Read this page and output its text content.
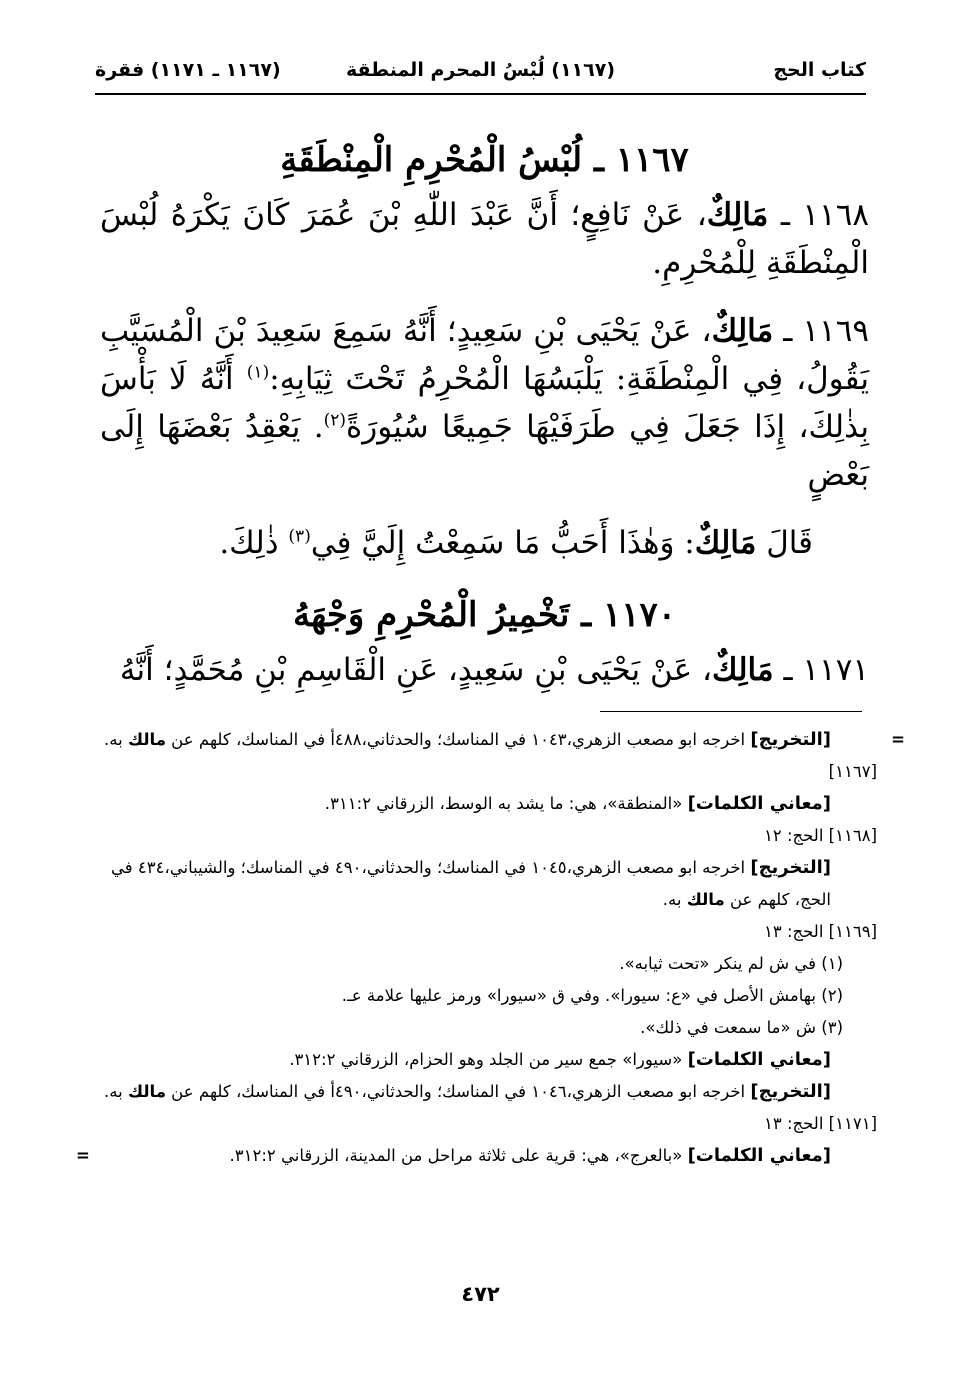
كتاب الحج
(١١٦٧) لُبْسُ المحرم المنطقة
(١١٦٧ ـ ١١٧١) فقرة
١١٦٧ ـ لُبْسُ الْمُحْرِمِ الْمِنْطَقَةِ

١١٦٨ ـ مَالِكٌ، عَنْ نَافِعٍ؛ أَنَّ عَبْدَ اللّٰهِ بْنَ عُمَرَ كَانَ يَكْرَهُ لُبْسَ الْمِنْطَقَةِ لِلْمُحْرِمِ.

١١٦٩ ـ مَالِكٌ، عَنْ يَحْيَى بْنِ سَعِيدٍ؛ أَنَّهُ سَمِعَ سَعِيدَ بْنَ الْمُسَيَّبِ يَقُولُ، فِي الْمِنْطَقَةِ: يَلْبَسُهَا الْمُحْرِمُ تَحْتَ ثِيَابِهِ:$^{(١)}$ أَنَّهُ لَا بَأْسَ بِذٰلِكَ، إِذَا جَعَلَ فِي طَرَفَيْهَا جَمِيعًا سُيُورَةً$^{(٢)}$. يَعْقِدُ بَعْضَهَا إِلَى بَعْضٍ

قَالَ مَالِكٌ: وَهٰذَا أَحَبُّ مَا سَمِعْتُ إِلَيَّ فِي$^{(٣)}$ ذٰلِكَ.

١١٧٠ ـ تَخْمِيرُ الْمُحْرِمِ وَجْهَهُ

١١٧١ ـ مَالِكٌ، عَنْ يَحْيَى بْنِ سَعِيدٍ، عَنِ الْقَاسِمِ بْنِ مُحَمَّدٍ؛ أَنَّهُ

=
[التخريج] اخرجه ابو مصعب الزهري،١٠٤٣ في المناسك؛ والحدثاني،٤٨٨أ في المناسك، كلهم عن مالك به.

[١١٦٧]

[معاني الكلمات] «المنطقة»، هي: ما يشد به الوسط، الزرقاني ٣١١:٢.

[١١٦٨] الحج: ١٢

[التخريج] اخرجه ابو مصعب الزهري،١٠٤٥ في المناسك؛ والحدثاني،٤٩٠ في المناسك؛ والشيباني،٤٣٤ في الحج، كلهم عن مالك به.

[١١٦٩] الحج: ١٣

(١) في ش لم ينكر «تحت ثيابه».

(٢) بهامش الأصل في «ع: سيورا». وفي ق «سيورا» ورمز عليها علامة عـ.

(٣) ش «ما سمعت في ذلك».

[معاني الكلمات] «سيورا» جمع سير من الجلد وهو الحزام، الزرقاني ٣١٢:٢.

[التخريج] اخرجه ابو مصعب الزهري،١٠٤٦ في المناسك؛ والحدثاني،٤٩٠أ في المناسك، كلهم عن مالك به.

[١١٧١] الحج: ١٣

[معاني الكلمات] «بالعرج»، هي: قرية على ثلاثة مراحل من المدينة، الزرقاني ٣١٢:٢.
=

٤٧٢
